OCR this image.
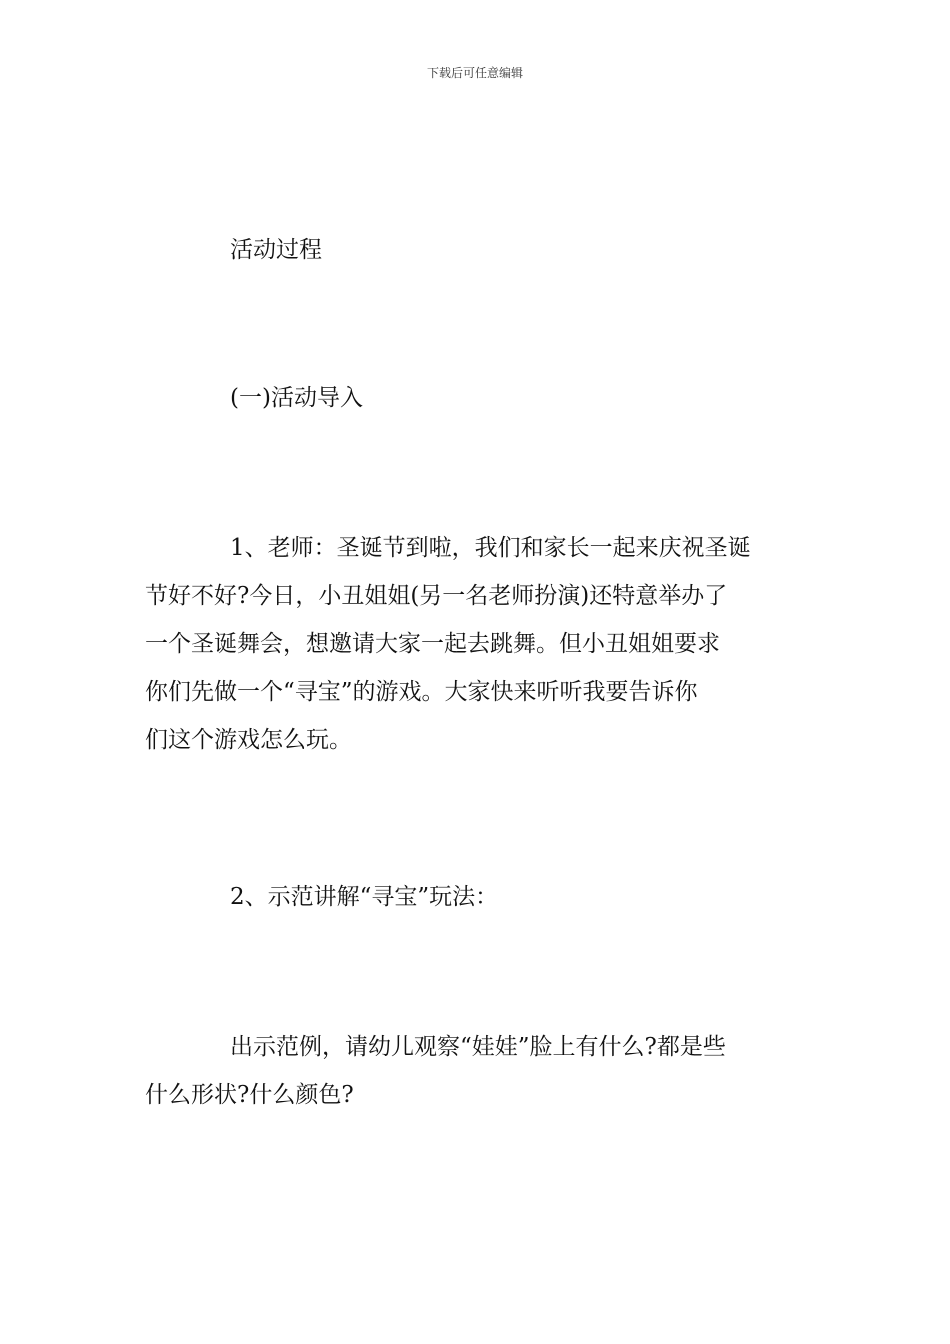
下载后可任意编辑
活动过程
(一)活动导入
1、老师：圣诞节到啦，我们和家长一起来庆祝圣诞
节好不好?今日，小丑姐姐(另一名老师扮演)还特意举办了
一个圣诞舞会，想邀请大家一起去跳舞。但小丑姐姐要求
你们先做一个“寻宝”的游戏。大家快来听听我要告诉你
们这个游戏怎么玩。
2、示范讲解“寻宝”玩法：
出示范例，请幼儿观察“娃娃”脸上有什么?都是些
什么形状?什么颜色?
